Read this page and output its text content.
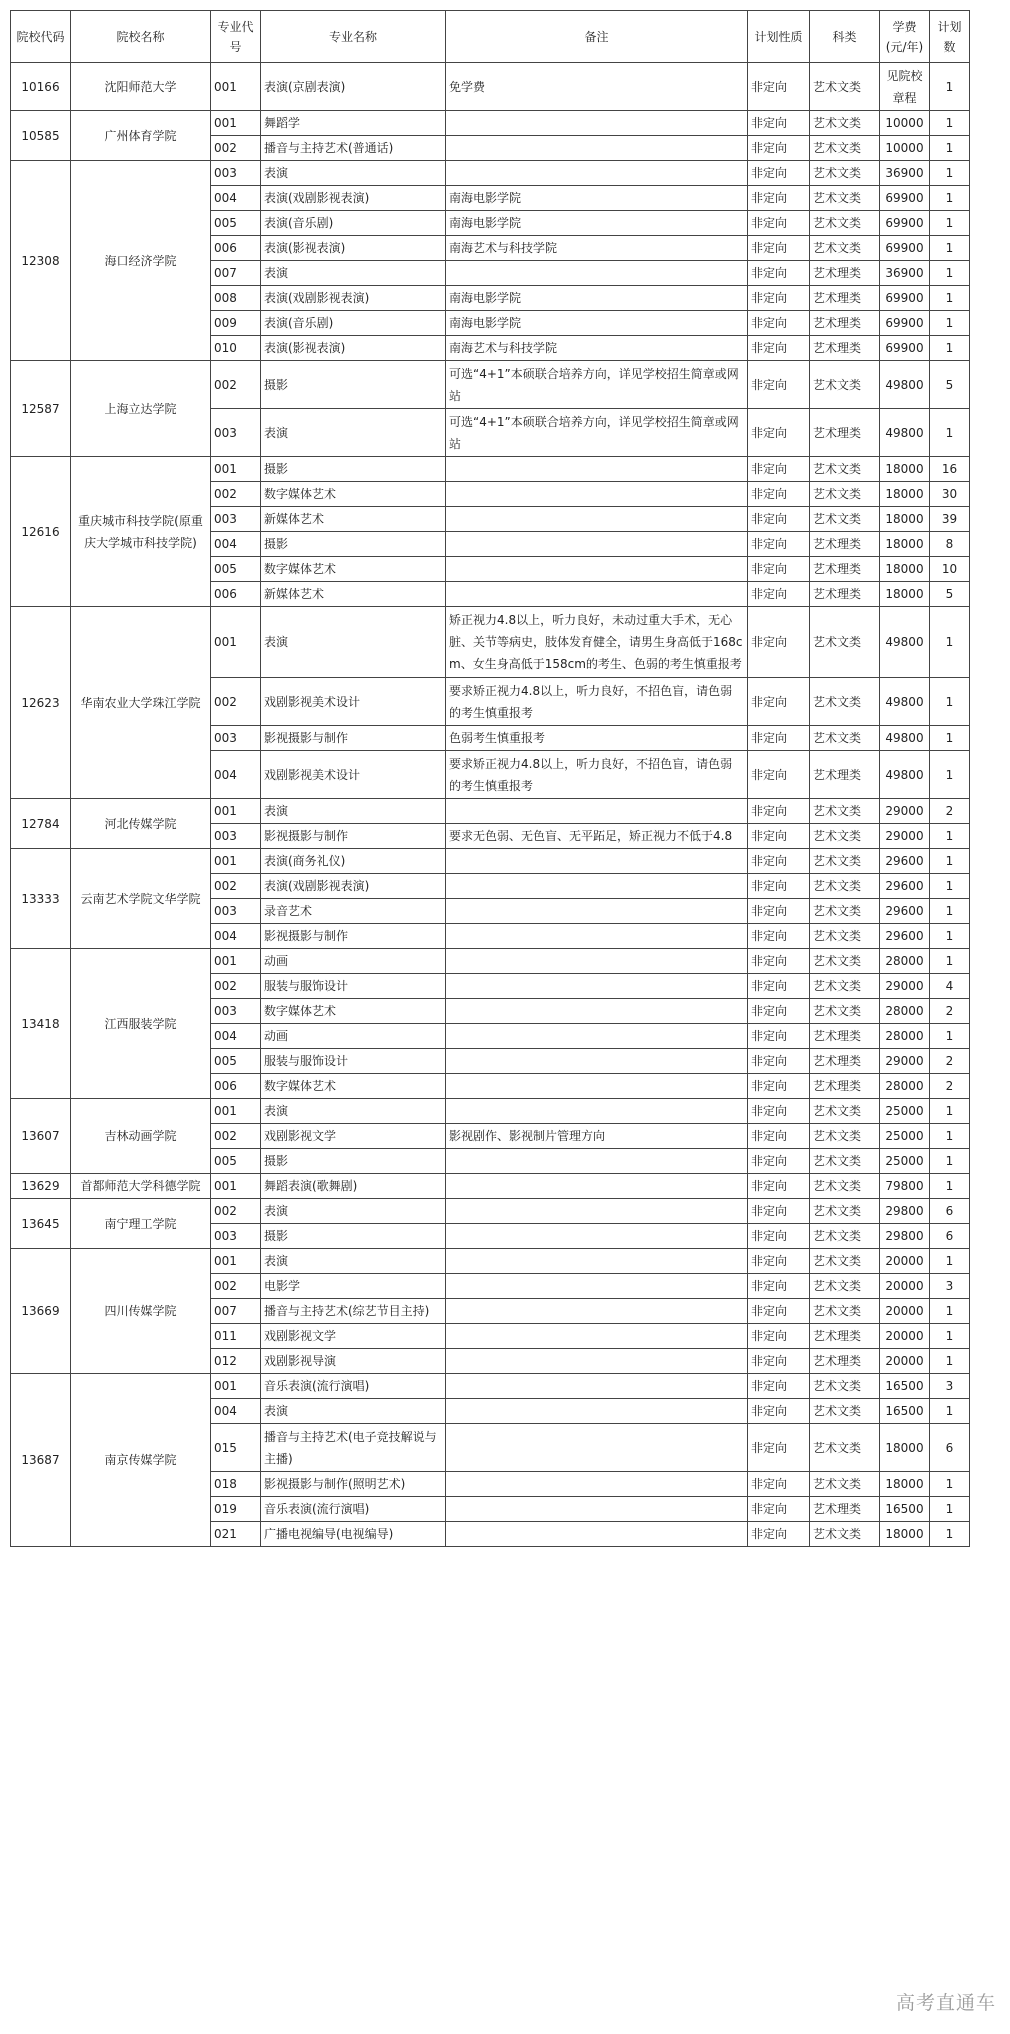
院校代码	院校名称	专业代号	专业名称	备注	计划性质	科类	学费(元/年)	计划数
10166	沈阳师范大学	001	表演(京剧表演)	免学费	非定向	艺术文类	见院校章程	1
10585	广州体育学院	001	舞蹈学		非定向	艺术文类	10000	1
		002	播音与主持艺术(普通话)		非定向	艺术文类	10000	1
12308	海口经济学院	003	表演		非定向	艺术文类	36900	1
		004	表演(戏剧影视表演)	南海电影学院	非定向	艺术文类	69900	1
		005	表演(音乐剧)	南海电影学院	非定向	艺术文类	69900	1
		006	表演(影视表演)	南海艺术与科技学院	非定向	艺术文类	69900	1
		007	表演		非定向	艺术理类	36900	1
		008	表演(戏剧影视表演)	南海电影学院	非定向	艺术理类	69900	1
		009	表演(音乐剧)	南海电影学院	非定向	艺术理类	69900	1
		010	表演(影视表演)	南海艺术与科技学院	非定向	艺术理类	69900	1
12587	上海立达学院	002	摄影	可选“4+1”本硕联合培养方向，详见学校招生简章或网站	非定向	艺术文类	49800	5
		003	表演	可选“4+1”本硕联合培养方向，详见学校招生简章或网站	非定向	艺术理类	49800	1
12616	重庆城市科技学院(原重庆大学城市科技学院)	001	摄影		非定向	艺术文类	18000	16
		002	数字媒体艺术		非定向	艺术文类	18000	30
		003	新媒体艺术		非定向	艺术文类	18000	39
		004	摄影		非定向	艺术理类	18000	8
		005	数字媒体艺术		非定向	艺术理类	18000	10
		006	新媒体艺术		非定向	艺术理类	18000	5
12623	华南农业大学珠江学院	001	表演	矫正视力4.8以上，听力良好，未动过重大手术，无心脏、关节等病史，肢体发育健全，请男生身高低于168cm、女生身高低于158cm的考生、色弱的考生慎重报考	非定向	艺术文类	49800	1
		002	戏剧影视美术设计	要求矫正视力4.8以上，听力良好，不招色盲，请色弱的考生慎重报考	非定向	艺术文类	49800	1
		003	影视摄影与制作	色弱考生慎重报考	非定向	艺术文类	49800	1
		004	戏剧影视美术设计	要求矫正视力4.8以上，听力良好，不招色盲，请色弱的考生慎重报考	非定向	艺术理类	49800	1
12784	河北传媒学院	001	表演		非定向	艺术文类	29000	2
		003	影视摄影与制作	要求无色弱、无色盲、无平跖足，矫正视力不低于4.8	非定向	艺术文类	29000	1
13333	云南艺术学院文华学院	001	表演(商务礼仪)		非定向	艺术文类	29600	1
		002	表演(戏剧影视表演)		非定向	艺术文类	29600	1
		003	录音艺术		非定向	艺术文类	29600	1
		004	影视摄影与制作		非定向	艺术文类	29600	1
13418	江西服装学院	001	动画		非定向	艺术文类	28000	1
		002	服装与服饰设计		非定向	艺术文类	29000	4
		003	数字媒体艺术		非定向	艺术文类	28000	2
		004	动画		非定向	艺术理类	28000	1
		005	服装与服饰设计		非定向	艺术理类	29000	2
		006	数字媒体艺术		非定向	艺术理类	28000	2
13607	吉林动画学院	001	表演		非定向	艺术文类	25000	1
		002	戏剧影视文学	影视剧作、影视制片管理方向	非定向	艺术文类	25000	1
		005	摄影		非定向	艺术文类	25000	1
13629	首都师范大学科德学院	001	舞蹈表演(歌舞剧)		非定向	艺术文类	79800	1
13645	南宁理工学院	002	表演		非定向	艺术文类	29800	6
		003	摄影		非定向	艺术文类	29800	6
13669	四川传媒学院	001	表演		非定向	艺术文类	20000	1
		002	电影学		非定向	艺术文类	20000	3
		007	播音与主持艺术(综艺节目主持)		非定向	艺术文类	20000	1
		011	戏剧影视文学		非定向	艺术理类	20000	1
		012	戏剧影视导演		非定向	艺术理类	20000	1
13687	南京传媒学院	001	音乐表演(流行演唱)		非定向	艺术文类	16500	3
		004	表演		非定向	艺术文类	16500	1
		015	播音与主持艺术(电子竞技解说与主播)		非定向	艺术文类	18000	6
		018	影视摄影与制作(照明艺术)		非定向	艺术文类	18000	1
		019	音乐表演(流行演唱)		非定向	艺术理类	16500	1
		021	广播电视编导(电视编导)		非定向	艺术文类	18000	1
高考直通车
